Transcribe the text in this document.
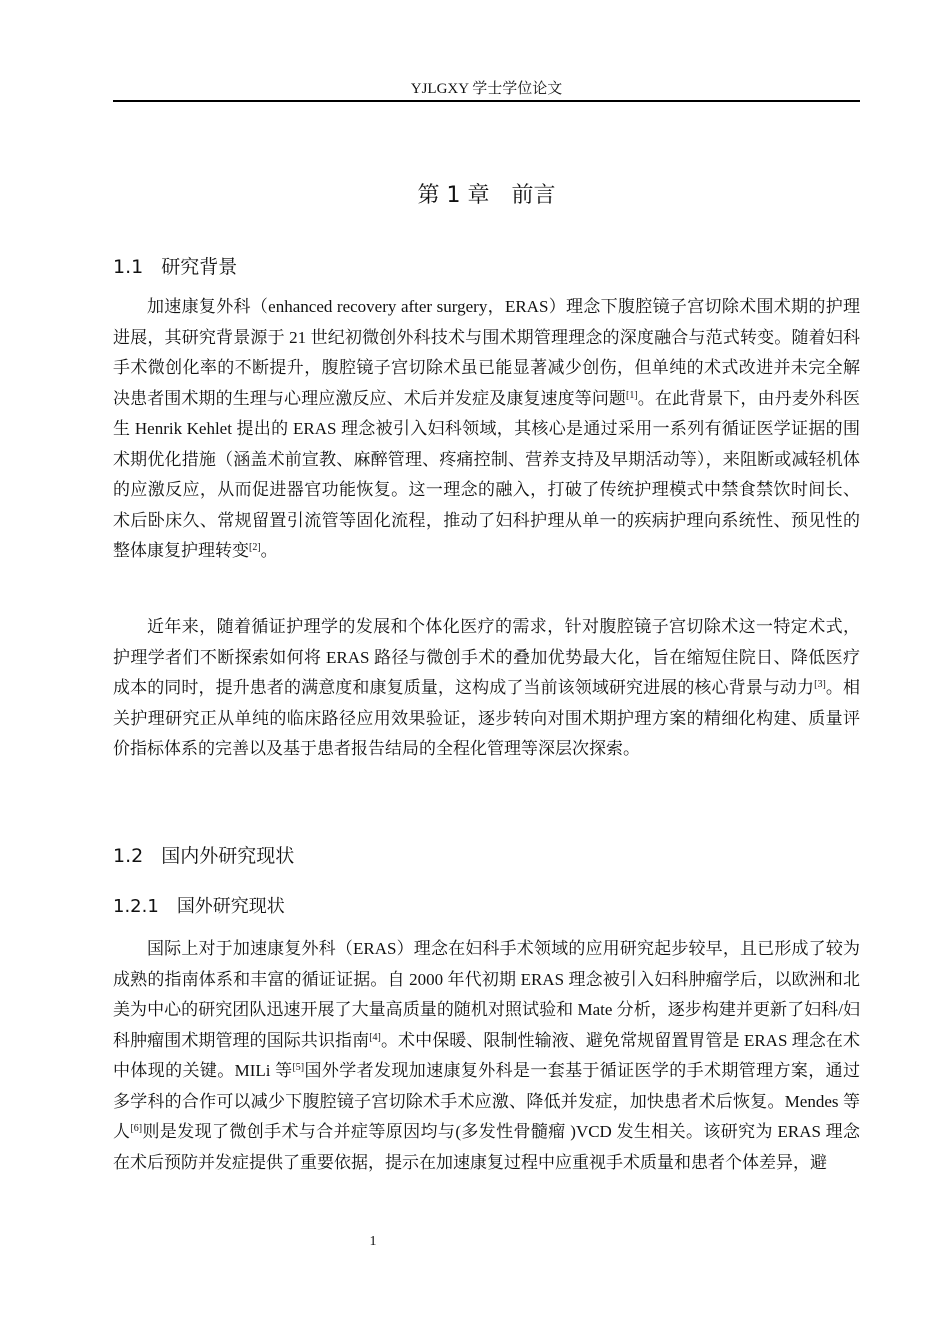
YJLGXY 学士学位论文
第 1 章　前言
1.1 研究背景

加速康复外科（enhanced recovery after surgery，ERAS）理念下腹腔镜子宫切除术围术期的护理进展，其研究背景源于 21 世纪初微创外科技术与围术期管理理念的深度融合与范式转变。随着妇科手术微创化率的不断提升，腹腔镜子宫切除术虽已能显著减少创伤，但单纯的术式改进并未完全解决患者围术期的生理与心理应激反应、术后并发症及康复速度等问题[1]。在此背景下，由丹麦外科医生 Henrik Kehlet 提出的 ERAS 理念被引入妇科领域，其核心是通过采用一系列有循证医学证据的围术期优化措施（涵盖术前宣教、麻醉管理、疼痛控制、营养支持及早期活动等），来阻断或减轻机体的应激反应，从而促进器官功能恢复。这一理念的融入，打破了传统护理模式中禁食禁饮时间长、术后卧床久、常规留置引流管等固化流程，推动了妇科护理从单一的疾病护理向系统性、预见性的整体康复护理转变[2]。

近年来，随着循证护理学的发展和个体化医疗的需求，针对腹腔镜子宫切除术这一特定术式，护理学者们不断探索如何将 ERAS 路径与微创手术的叠加优势最大化，旨在缩短住院日、降低医疗成本的同时，提升患者的满意度和康复质量，这构成了当前该领域研究进展的核心背景与动力[3]。相关护理研究正从单纯的临床路径应用效果验证，逐步转向对围术期护理方案的精细化构建、质量评价指标体系的完善以及基于患者报告结局的全程化管理等深层次探索。

1.2 国内外研究现状
1.2.1 国外研究现状

国际上对于加速康复外科（ERAS）理念在妇科手术领域的应用研究起步较早，且已形成了较为成熟的指南体系和丰富的循证证据。自 2000 年代初期 ERAS 理念被引入妇科肿瘤学后，以欧洲和北美为中心的研究团队迅速开展了大量高质量的随机对照试验和 Mate 分析，逐步构建并更新了妇科/妇科肿瘤围术期管理的国际共识指南[4]。术中保暖、限制性输液、避免常规留置胃管是 ERAS 理念在术中体现的关键。MILi 等[5]国外学者发现加速康复外科是一套基于循证医学的手术期管理方案，通过多学科的合作可以减少下腹腔镜子宫切除术手术应激、降低并发症，加快患者术后恢复。Mendes 等人[6]则是发现了微创手术与合并症等原因均与(多发性骨髓瘤 )VCD 发生相关。该研究为 ERAS 理念在术后预防并发症提供了重要依据，提示在加速康复过程中应重视手术质量和患者个体差异，避

1
